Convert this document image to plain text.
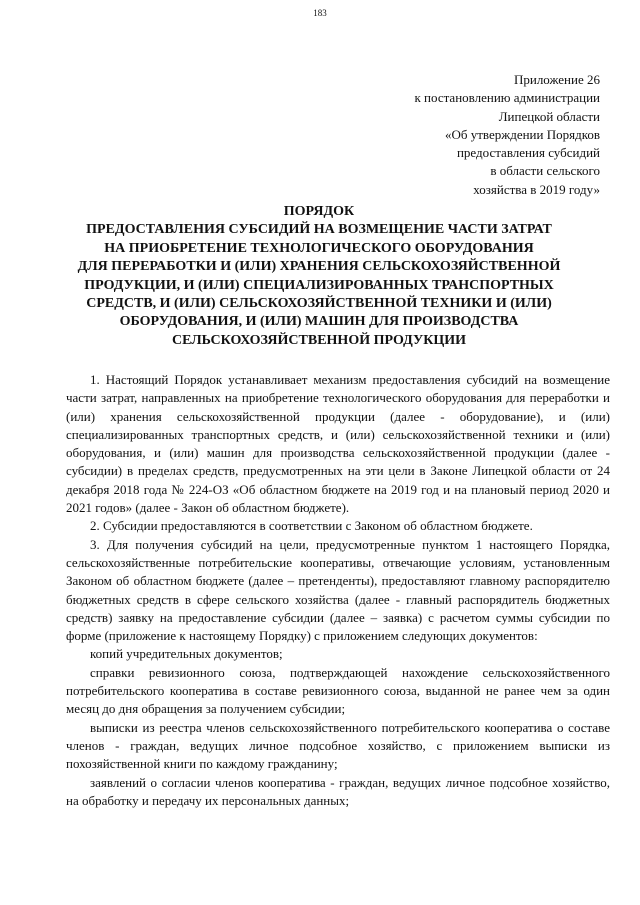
183
Приложение 26
к постановлению администрации
Липецкой области
«Об утверждении Порядков
предоставления субсидий
в области сельского
хозяйства в 2019 году»
ПОРЯДОК
ПРЕДОСТАВЛЕНИЯ СУБСИДИЙ НА ВОЗМЕЩЕНИЕ ЧАСТИ ЗАТРАТ
НА ПРИОБРЕТЕНИЕ ТЕХНОЛОГИЧЕСКОГО ОБОРУДОВАНИЯ
ДЛЯ ПЕРЕРАБОТКИ И (ИЛИ) ХРАНЕНИЯ СЕЛЬСКОХОЗЯЙСТВЕННОЙ
ПРОДУКЦИИ, И (ИЛИ) СПЕЦИАЛИЗИРОВАННЫХ ТРАНСПОРТНЫХ
СРЕДСТВ, И (ИЛИ) СЕЛЬСКОХОЗЯЙСТВЕННОЙ ТЕХНИКИ И (ИЛИ)
ОБОРУДОВАНИЯ, И (ИЛИ) МАШИН ДЛЯ ПРОИЗВОДСТВА
СЕЛЬСКОХОЗЯЙСТВЕННОЙ ПРОДУКЦИИ

1. Настоящий Порядок устанавливает механизм предоставления субсидий на возмещение части затрат, направленных на приобретение технологического оборудования для переработки и (или) хранения сельскохозяйственной продукции (далее - оборудование), и (или) специализированных транспортных средств, и (или) сельскохозяйственной техники и (или) оборудования, и (или) машин для производства сельскохозяйственной продукции (далее - субсидии) в пределах средств, предусмотренных на эти цели в Законе Липецкой области от 24 декабря 2018 года № 224-ОЗ «Об областном бюджете на 2019 год и на плановый период 2020 и 2021 годов» (далее - Закон об областном бюджете).

2. Субсидии предоставляются в соответствии с Законом об областном бюджете.

3. Для получения субсидий на цели, предусмотренные пунктом 1 настоящего Порядка, сельскохозяйственные потребительские кооперативы, отвечающие условиям, установленным Законом об областном бюджете (далее – претенденты), предоставляют главному распорядителю бюджетных средств в сфере сельского хозяйства (далее - главный распорядитель бюджетных средств) заявку на предоставление субсидии (далее – заявка) с расчетом суммы субсидии по форме (приложение к настоящему Порядку) с приложением следующих документов:

копий учредительных документов;

справки ревизионного союза, подтверждающей нахождение сельскохозяйственного потребительского кооператива в составе ревизионного союза, выданной не ранее чем за один месяц до дня обращения за получением субсидии;

выписки из реестра членов сельскохозяйственного потребительского кооператива о составе членов - граждан, ведущих личное подсобное хозяйство, с приложением выписки из похозяйственной книги по каждому гражданину;

заявлений о согласии членов кооператива - граждан, ведущих личное подсобное хозяйство, на обработку и передачу их персональных данных;
